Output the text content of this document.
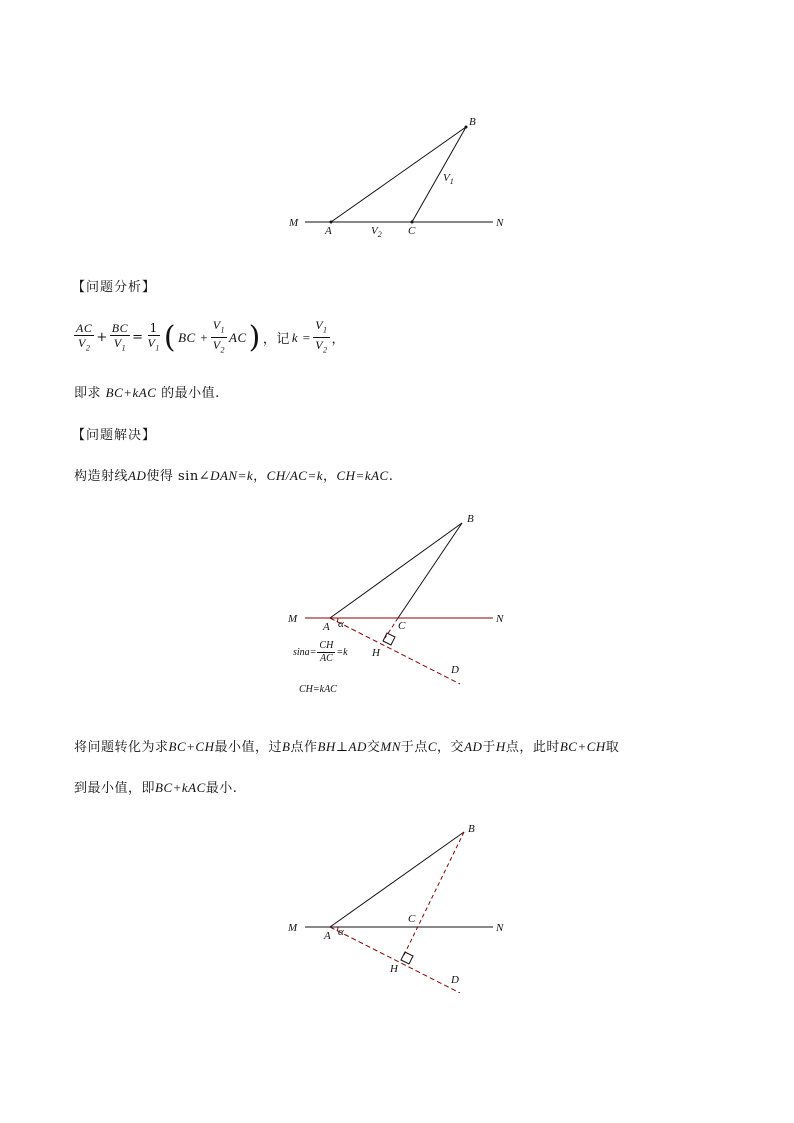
B
M	N
A	C
$V_1$
$V_2$
【问题分析】
$\frac{AC}{V_2} + \frac{BC}{V_1} = \frac{1}{V_1}$ ( BC + $\frac{V_1}{V_2}$ AC ) ，记 $k = \frac{V_1}{V_2}$ ，
即求 BC+kAC 的最小值.
【问题解决】
构造射线AD使得 sin∠DAN=k，CH/AC=k，CH=kAC.
B
M	N
A α	C
H
D
$\sin a= \frac{CH}{AC} =k$
CH=kAC
将问题转化为求BC+CH最小值，过B点作BH⊥AD交MN于点C，交AD于H点，此时BC+CH取
到最小值，即BC+kAC最小.
B
M	N
A α
C
H
D
